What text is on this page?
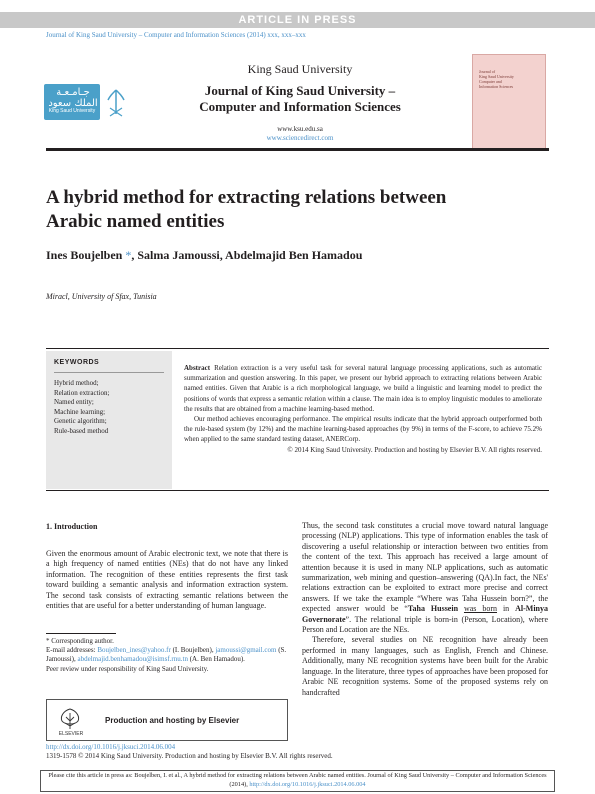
ARTICLE IN PRESS
Journal of King Saud University – Computer and Information Sciences (2014) xxx, xxx–xxx
جـامـعـة الملك سعود
King Saud University
King Saud University
Journal of King Saud University –
Computer and Information Sciences
www.ksu.edu.sa
www.sciencedirect.com
Journal of
King Saud University
Computer and
Information Sciences
A hybrid method for extracting relations between
Arabic named entities
Ines Boujelben *, Salma Jamoussi, Abdelmajid Ben Hamadou
Miracl, University of Sfax, Tunisia
KEYWORDS
Hybrid method;
Relation extraction;
Named entity;
Machine learning;
Genetic algorithm;
Rule-based method

Abstract Relation extraction is a very useful task for several natural language processing applications, such as automatic summarization and question answering. In this paper, we present our hybrid approach to extracting relations between Arabic named entities. Given that Arabic is a rich morphological language, we build a linguistic and learning model to predict the positions of words that express a semantic relation within a clause. The main idea is to employ linguistic modules to ameliorate the results that are obtained from a machine learning-based method.

Our method achieves encouraging performance. The empirical results indicate that the hybrid approach outperformed both the rule-based system (by 12%) and the machine learning-based approaches (by 9%) in terms of the F-score, to achieve 75.2% when applied to the same standard testing dataset, ANERCorp.

© 2014 King Saud University. Production and hosting by Elsevier B.V. All rights reserved.

1. Introduction
Given the enormous amount of Arabic electronic text, we note that there is a high frequency of named entities (NEs) that do not have any linked information. The recognition of these entities represents the first task toward building a semantic analysis and information extraction system. The second task consists of extracting semantic relations between the entities that are useful for a better understanding of human language.
* Corresponding author.
E-mail addresses: Boujelben_ines@yahoo.fr (I. Boujelben), jamoussi@gmail.com (S. Jamoussi), abdelmajid.benhamadou@isimsf.rnu.tn (A. Ben Hamadou).
Peer review under responsibility of King Saud University.
ELSEVIER
Production and hosting by Elsevier

Thus, the second task constitutes a crucial move toward natural language processing (NLP) applications. This type of information enables the task of discovering a useful relationship or interaction between two entities from the content of the text. This approach has received a large amount of attention because it is used in many NLP applications, such as automatic summarization, web mining and question–answering (QA).In fact, the NEs' relations extraction can be exploited to extract more precise and correct answers. If we take the example “Where was Taha Hussein born?”, the expected answer would be “Taha Hussein was born in Al-Minya Governorate”. The relational triple is born-in (Person, Location), where Person and Location are the NEs.

Therefore, several studies on NE recognition have already been performed in many languages, such as English, French and Chinese. Additionally, many NE recognition systems have been built for the Arabic language. In the literature, three types of approaches have been proposed for Arabic NE recognition systems. Some of the proposed systems rely on handcrafted

http://dx.doi.org/10.1016/j.jksuci.2014.06.004
1319-1578 © 2014 King Saud University. Production and hosting by Elsevier B.V. All rights reserved.
Please cite this article in press as: Boujelben, I. et al., A hybrid method for extracting relations between Arabic named entities. Journal of King Saud University – Computer and Information Sciences (2014), http://dx.doi.org/10.1016/j.jksuci.2014.06.004
